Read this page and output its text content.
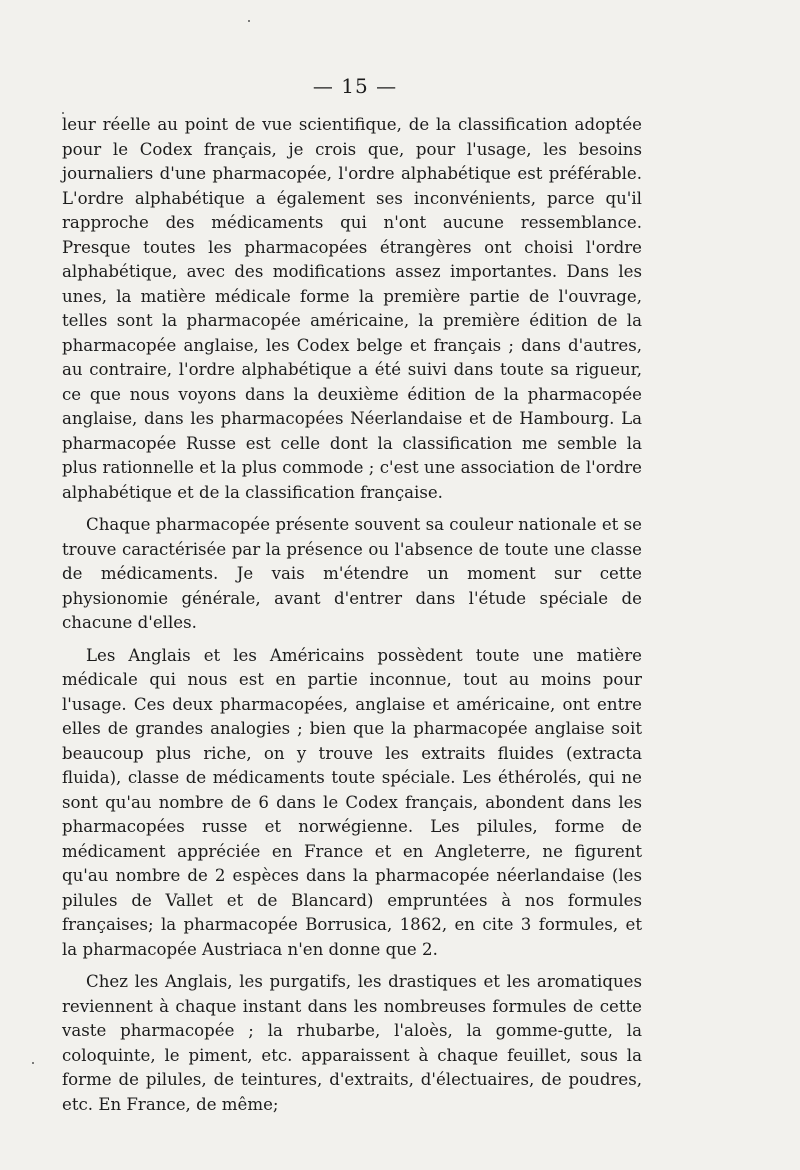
— 15 —

leur réelle au point de vue scientifique, de la classification adoptée pour le Codex français, je crois que, pour l'usage, les besoins journaliers d'une pharmacopée, l'ordre alphabétique est préférable. L'ordre alphabétique a également ses inconvénients, parce qu'il rapproche des médicaments qui n'ont aucune ressemblance. Presque toutes les pharmacopées étrangères ont choisi l'ordre alphabétique, avec des modifications assez importantes. Dans les unes, la matière médicale forme la première partie de l'ouvrage, telles sont la pharmacopée américaine, la première édition de la pharmacopée anglaise, les Codex belge et français ; dans d'autres, au contraire, l'ordre alphabétique a été suivi dans toute sa rigueur, ce que nous voyons dans la deuxième édition de la pharmacopée anglaise, dans les pharmacopées Néerlandaise et de Hambourg. La pharmacopée Russe est celle dont la classification me semble la plus rationnelle et la plus commode ; c'est une association de l'ordre alphabétique et de la classification française.

Chaque pharmacopée présente souvent sa couleur nationale et se trouve caractérisée par la présence ou l'absence de toute une classe de médicaments. Je vais m'étendre un moment sur cette physionomie générale, avant d'entrer dans l'étude spéciale de chacune d'elles.

Les Anglais et les Américains possèdent toute une matière médicale qui nous est en partie inconnue, tout au moins pour l'usage. Ces deux pharmacopées, anglaise et américaine, ont entre elles de grandes analogies ; bien que la pharmacopée anglaise soit beaucoup plus riche, on y trouve les extraits fluides (extracta fluida), classe de médicaments toute spéciale. Les éthérolés, qui ne sont qu'au nombre de 6 dans le Codex français, abondent dans les pharmacopées russe et norwégienne. Les pilules, forme de médicament appréciée en France et en Angleterre, ne figurent qu'au nombre de 2 espèces dans la pharmacopée néerlandaise (les pilules de Vallet et de Blancard) empruntées à nos formules françaises; la pharmacopée Borrusica, 1862, en cite 3 formules, et la pharmacopée Austriaca n'en donne que 2.

Chez les Anglais, les purgatifs, les drastiques et les aromatiques reviennent à chaque instant dans les nombreuses formules de cette vaste pharmacopée ; la rhubarbe, l'aloès, la gomme-gutte, la coloquinte, le piment, etc. apparaissent à chaque feuillet, sous la forme de pilules, de teintures, d'extraits, d'électuaires, de poudres, etc. En France, de même;
